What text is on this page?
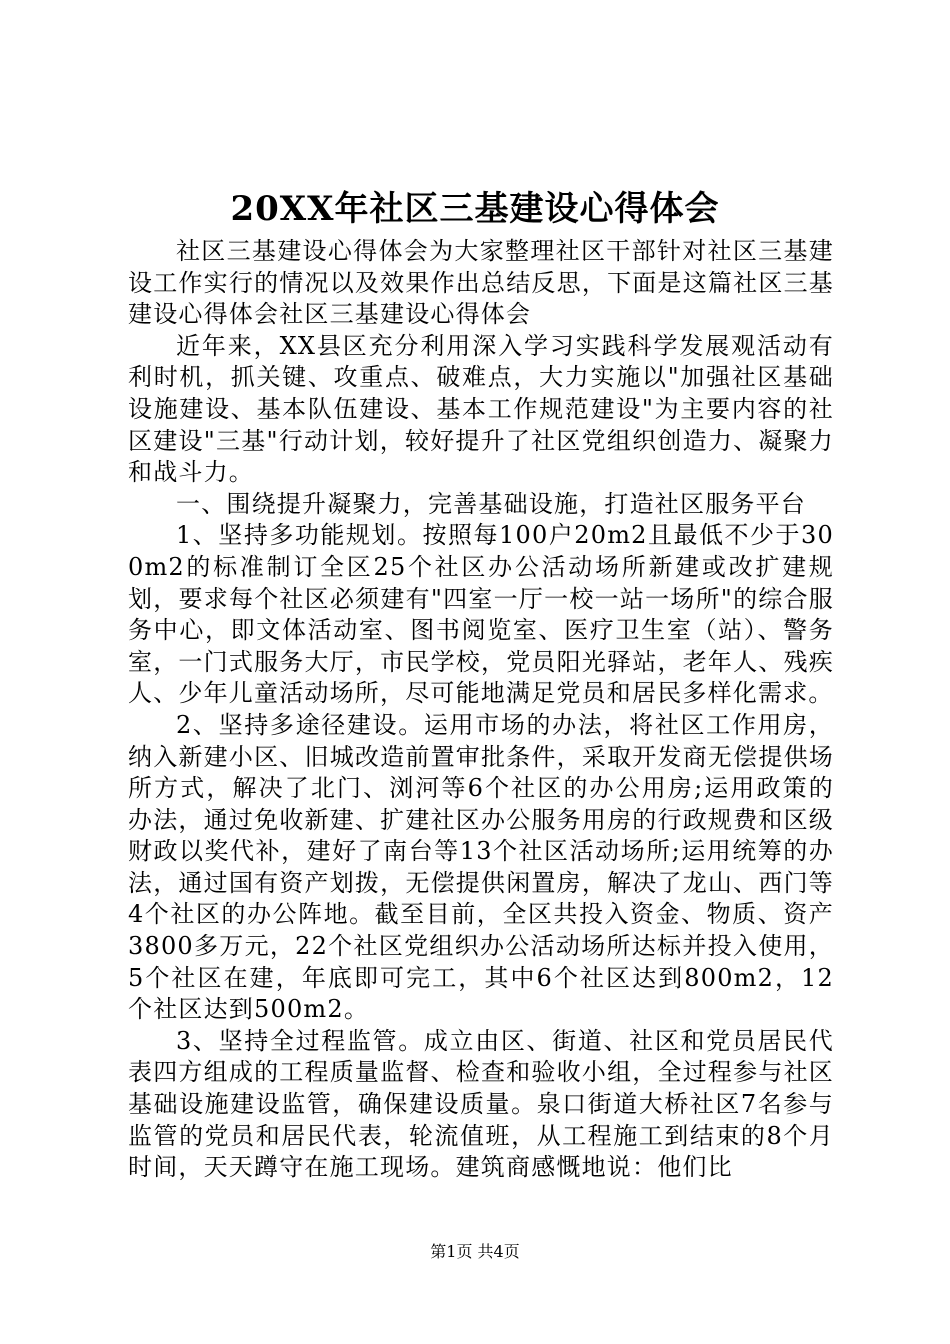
20XX年社区三基建设心得体会

社区三基建设心得体会为大家整理社区干部针对社区三基建设工作实行的情况以及效果作出总结反思，下面是这篇社区三基建设心得体会社区三基建设心得体会

近年来，XX县区充分利用深入学习实践科学发展观活动有利时机，抓关键、攻重点、破难点，大力实施以"加强社区基础设施建设、基本队伍建设、基本工作规范建设"为主要内容的社区建设"三基"行动计划，较好提升了社区党组织创造力、凝聚力和战斗力。

一、围绕提升凝聚力，完善基础设施，打造社区服务平台

1、坚持多功能规划。按照每100户20m2且最低不少于300m2的标准制订全区25个社区办公活动场所新建或改扩建规划，要求每个社区必须建有"四室一厅一校一站一场所"的综合服务中心，即文体活动室、图书阅览室、医疗卫生室（站）、警务室，一门式服务大厅，市民学校，党员阳光驿站，老年人、残疾人、少年儿童活动场所，尽可能地满足党员和居民多样化需求。

2、坚持多途径建设。运用市场的办法，将社区工作用房，纳入新建小区、旧城改造前置审批条件，采取开发商无偿提供场所方式，解决了北门、浏河等6个社区的办公用房;运用政策的办法，通过免收新建、扩建社区办公服务用房的行政规费和区级财政以奖代补，建好了南台等13个社区活动场所;运用统筹的办法，通过国有资产划拨，无偿提供闲置房，解决了龙山、西门等4个社区的办公阵地。截至目前，全区共投入资金、物质、资产3800多万元，22个社区党组织办公活动场所达标并投入使用，5个社区在建，年底即可完工，其中6个社区达到800m2，12个社区达到500m2。

3、坚持全过程监管。成立由区、街道、社区和党员居民代表四方组成的工程质量监督、检查和验收小组，全过程参与社区基础设施建设监管，确保建设质量。泉口街道大桥社区7名参与监管的党员和居民代表，轮流值班，从工程施工到结束的8个月时间，天天蹲守在施工现场。建筑商感慨地说：他们比

第1页 共4页
